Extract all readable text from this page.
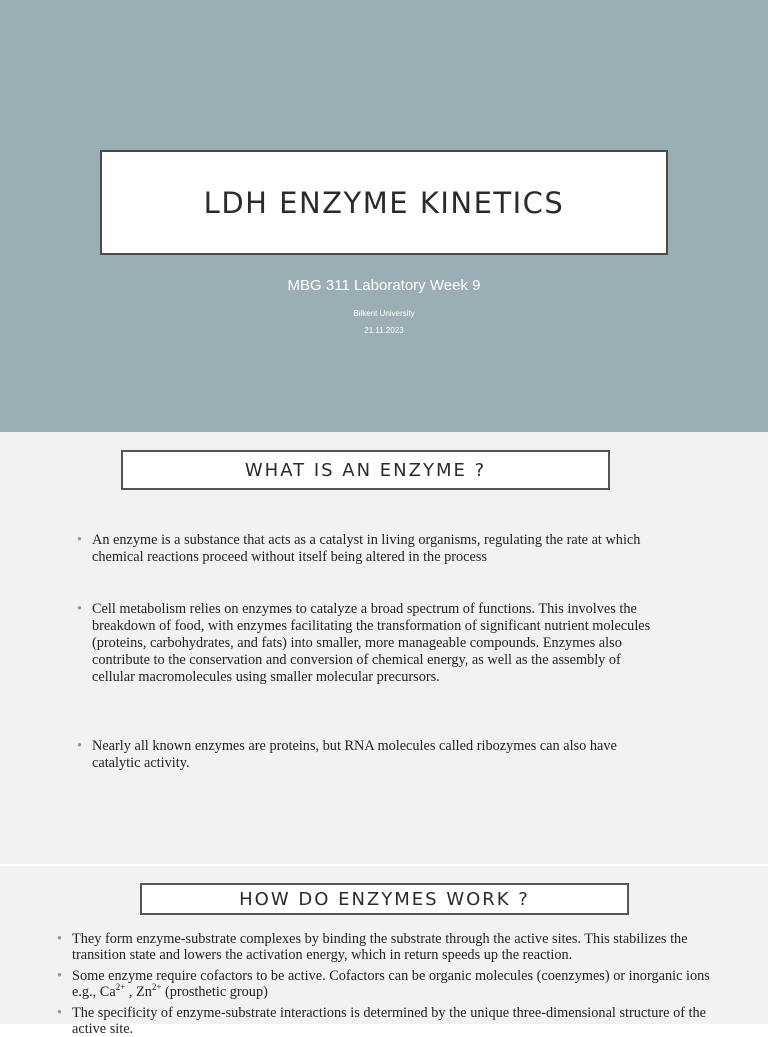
LDH ENZYME KINETICS
MBG 311 Laboratory Week 9
Bilkent University
21.11.2023
WHAT IS AN ENZYME ?
• An enzyme is a substance that acts as a catalyst in living organisms, regulating the rate at which chemical reactions proceed without itself being altered in the process
• Cell metabolism relies on enzymes to catalyze a broad spectrum of functions. This involves the breakdown of food, with enzymes facilitating the transformation of significant nutrient molecules (proteins, carbohydrates, and fats) into smaller, more manageable compounds. Enzymes also contribute to the conservation and conversion of chemical energy, as well as the assembly of cellular macromolecules using smaller molecular precursors.
• Nearly all known enzymes are proteins, but RNA molecules called ribozymes can also have catalytic activity.
HOW DO ENZYMES WORK ?
• They form enzyme-substrate complexes by binding the substrate through the active sites. This stabilizes the transition state and lowers the activation energy, which in return speeds up the reaction.
• Some enzyme require cofactors to be active. Cofactors can be organic molecules (coenzymes) or inorganic ions e.g., $Ca^{2+}$ , $Zn^{2+}$ (prosthetic group)
• The specificity of enzyme-substrate interactions is determined by the unique three-dimensional structure of the active site.
